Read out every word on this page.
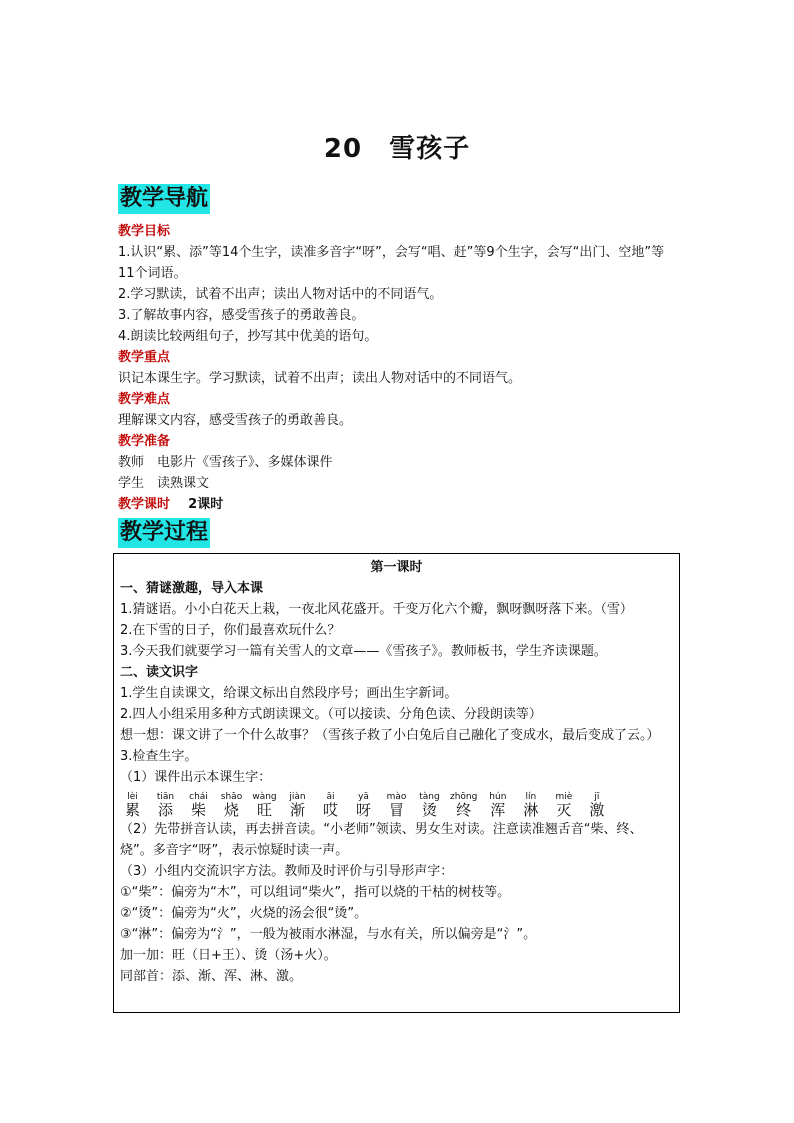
20　雪孩子
教学导航

教学目标

1.认识“累、添”等14个生字，读准多音字“呀”，会写“唱、赶”等9个生字，会写“出门、空地”等11个词语。

2.学习默读，试着不出声；读出人物对话中的不同语气。

3.了解故事内容，感受雪孩子的勇敢善良。

4.朗读比较两组句子，抄写其中优美的语句。

教学重点

识记本课生字。学习默读，试着不出声；读出人物对话中的不同语气。

教学难点

理解课文内容，感受雪孩子的勇敢善良。

教学准备

教师　电影片《雪孩子》、多媒体课件

学生　读熟课文

教学课时 2课时

教学过程

第一课时

一、猜谜激趣，导入本课

1.猜谜语。小小白花天上栽，一夜北风花盛开。千变万化六个瓣，飘呀飘呀落下来。（雪）

2.在下雪的日子，你们最喜欢玩什么？

3.今天我们就要学习一篇有关雪人的文章——《雪孩子》。教师板书，学生齐读课题。

二、读文识字

1.学生自读课文，给课文标出自然段序号；画出生字新词。

2.四人小组采用多种方式朗读课文。（可以接读、分角色读、分段朗读等）

想一想：课文讲了一个什么故事？（雪孩子救了小白兔后自己融化了变成水，最后变成了云。）

3.检查生字。

（1）课件出示本课生字：

lèi
累
tiān
添
chái
柴
shāo
烧
wàng
旺
jiàn
渐
āi
哎
yā
呀
mào
冒
tàng
烫
zhōng
终
hún
浑
lín
淋
miè
灭
jī
激

（2）先带拼音认读，再去拼音读。“小老师”领读、男女生对读。注意读准翘舌音“柴、终、烧”。多音字“呀”，表示惊疑时读一声。

（3）小组内交流识字方法。教师及时评价与引导形声字：

①“柴”：偏旁为“木”，可以组词“柴火”，指可以烧的干枯的树枝等。

②“烫”：偏旁为“火”，火烧的汤会很“烫”。

③“淋”：偏旁为“氵”，一般为被雨水淋湿，与水有关，所以偏旁是“氵”。

加一加：旺（日+王）、烫（汤+火）。

同部首：添、渐、浑、淋、激。
